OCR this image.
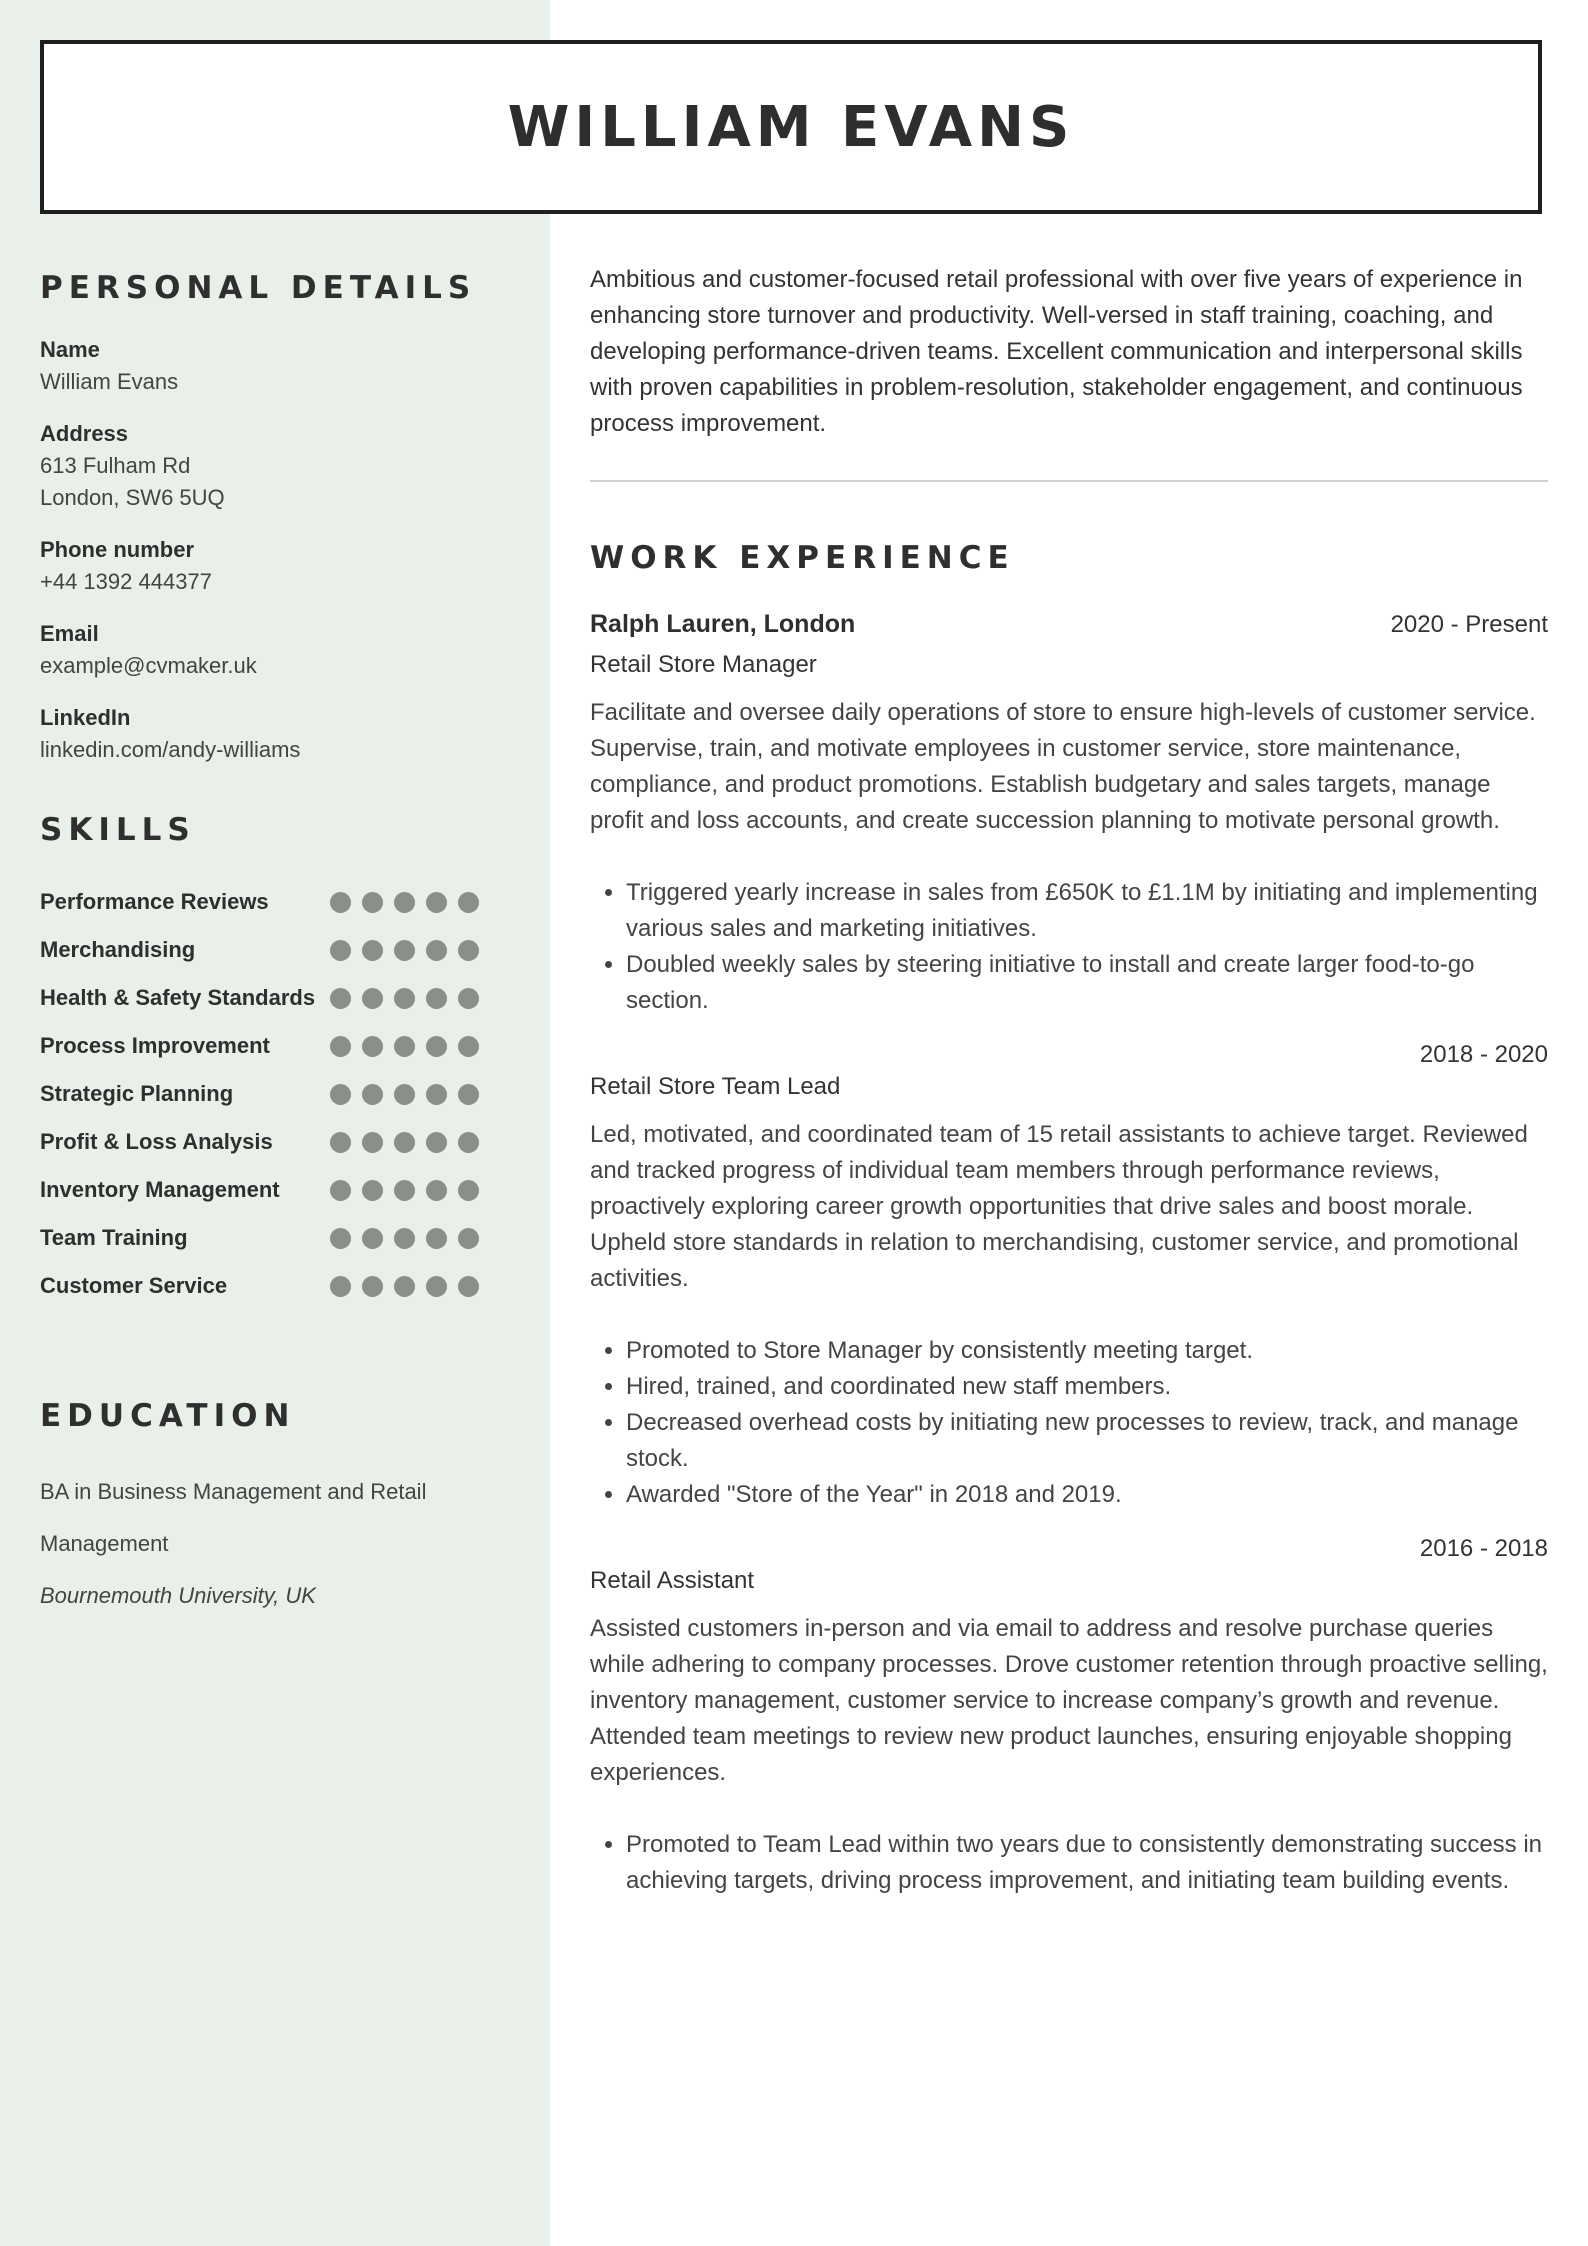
WILLIAM EVANS
PERSONAL DETAILS
Name
William Evans
Address
613 Fulham Rd
London, SW6 5UQ
Phone number
+44 1392 444377
Email
example@cvmaker.uk
LinkedIn
linkedin.com/andy-williams
SKILLS
Performance Reviews
Merchandising
Health & Safety Standards
Process Improvement
Strategic Planning
Profit & Loss Analysis
Inventory Management
Team Training
Customer Service
EDUCATION
BA in Business Management and Retail
Management
Bournemouth University, UK

Ambitious and customer-focused retail professional with over five years of experience in enhancing store turnover and productivity. Well-versed in staff training, coaching, and developing performance-driven teams. Excellent communication and interpersonal skills with proven capabilities in problem-resolution, stakeholder engagement, and continuous process improvement.

WORK EXPERIENCE
Ralph Lauren, London	2020 - Present
Retail Store Manager

Facilitate and oversee daily operations of store to ensure high-levels of customer service. Supervise, train, and motivate employees in customer service, store maintenance, compliance, and product promotions. Establish budgetary and sales targets, manage profit and loss accounts, and create succession planning to motivate personal growth.

• Triggered yearly increase in sales from £650K to £1.1M by initiating and implementing various sales and marketing initiatives.
• Doubled weekly sales by steering initiative to install and create larger food-to-go section.
2018 - 2020
Retail Store Team Lead

Led, motivated, and coordinated team of 15 retail assistants to achieve target. Reviewed and tracked progress of individual team members through performance reviews, proactively exploring career growth opportunities that drive sales and boost morale. Upheld store standards in relation to merchandising, customer service, and promotional activities.

• Promoted to Store Manager by consistently meeting target.
• Hired, trained, and coordinated new staff members.
• Decreased overhead costs by initiating new processes to review, track, and manage stock.
• Awarded "Store of the Year" in 2018 and 2019.
2016 - 2018
Retail Assistant

Assisted customers in-person and via email to address and resolve purchase queries while adhering to company processes. Drove customer retention through proactive selling, inventory management, customer service to increase company’s growth and revenue. Attended team meetings to review new product launches, ensuring enjoyable shopping experiences.

• Promoted to Team Lead within two years due to consistently demonstrating success in achieving targets, driving process improvement, and initiating team building events.
